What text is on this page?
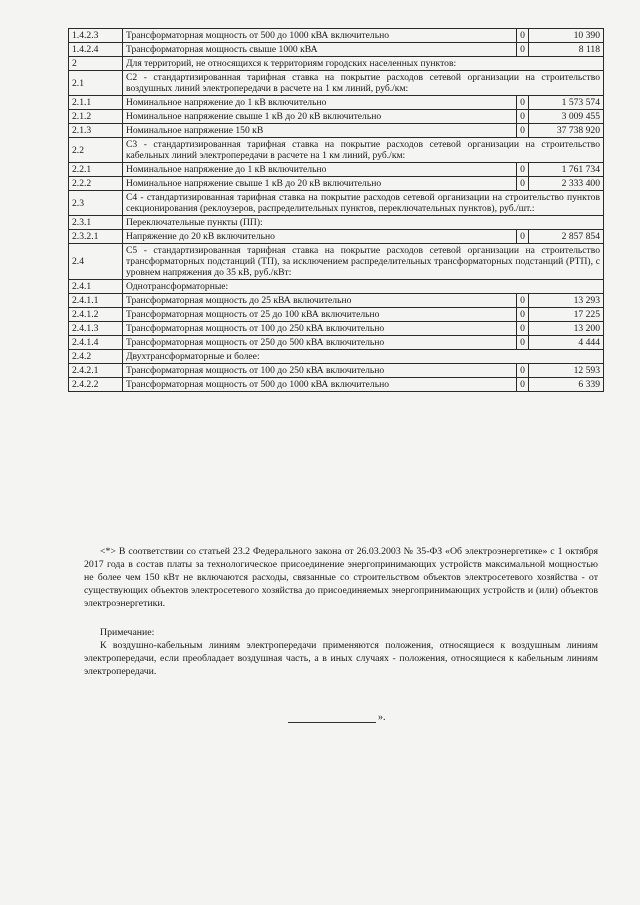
1.4.2.3	Трансформаторная мощность от 500 до 1000 кВА включительно	0	10 390
1.4.2.4	Трансформаторная мощность свыше 1000 кВА	0	8 118
2	Для территорий, не относящихся к территориям городских населенных пунктов:		
2.1	С2 - стандартизированная тарифная ставка на покрытие расходов сетевой организации на строительство воздушных линий электропередачи в расчете на 1 км линий, руб./км:		
2.1.1	Номинальное напряжение до 1 кВ включительно	0	1 573 574
2.1.2	Номинальное напряжение свыше 1 кВ до 20 кВ включительно	0	3 009 455
2.1.3	Номинальное напряжение 150 кВ	0	37 738 920
2.2	С3 - стандартизированная тарифная ставка на покрытие расходов сетевой организации на строительство кабельных линий электропередачи в расчете на 1 км линий, руб./км:		
2.2.1	Номинальное напряжение до 1 кВ включительно	0	1 761 734
2.2.2	Номинальное напряжение свыше 1 кВ до 20 кВ включительно	0	2 333 400
2.3	С4 - стандартизированная тарифная ставка на покрытие расходов сетевой организации на строительство пунктов секционирования (реклоузеров, распределительных пунктов, переключательных пунктов), руб./шт.:		
2.3.1	Переключательные пункты (ПП):		
2.3.2.1	Напряжение до 20 кВ включительно	0	2 857 854
2.4	С5 - стандартизированная тарифная ставка на покрытие расходов сетевой организации на строительство трансформаторных подстанций (ТП), за исключением распределительных трансформаторных подстанций (РТП), с уровнем напряжения до 35 кВ, руб./кВт:		
2.4.1	Однотрансформаторные:		
2.4.1.1	Трансформаторная мощность до 25 кВА включительно	0	13 293
2.4.1.2	Трансформаторная мощность от 25 до 100 кВА включительно	0	17 225
2.4.1.3	Трансформаторная мощность от 100 до 250 кВА включительно	0	13 200
2.4.1.4	Трансформаторная мощность от 250 до 500 кВА включительно	0	4 444
2.4.2	Двухтрансформаторные и более:		
2.4.2.1	Трансформаторная мощность от 100 до 250 кВА включительно	0	12 593
2.4.2.2	Трансформаторная мощность от 500 до 1000 кВА включительно	0	6 339

<*> В соответствии со статьей 23.2 Федерального закона от 26.03.2003 № 35-ФЗ «Об электроэнергетике» с 1 октября 2017 года в состав платы за технологическое присоединение энергопринимающих устройств максимальной мощностью не более чем 150 кВт не включаются расходы, связанные со строительством объектов электросетевого хозяйства - от существующих объектов электросетевого хозяйства до присоединяемых энергопринимающих устройств и (или) объектов электроэнергетики.

Примечание:

К воздушно-кабельным линиям электропередачи применяются положения, относящиеся к воздушным линиям электропередачи, если преобладает воздушная часть, а в иных случаях - положения, относящиеся к кабельным линиям электропередачи.

».
